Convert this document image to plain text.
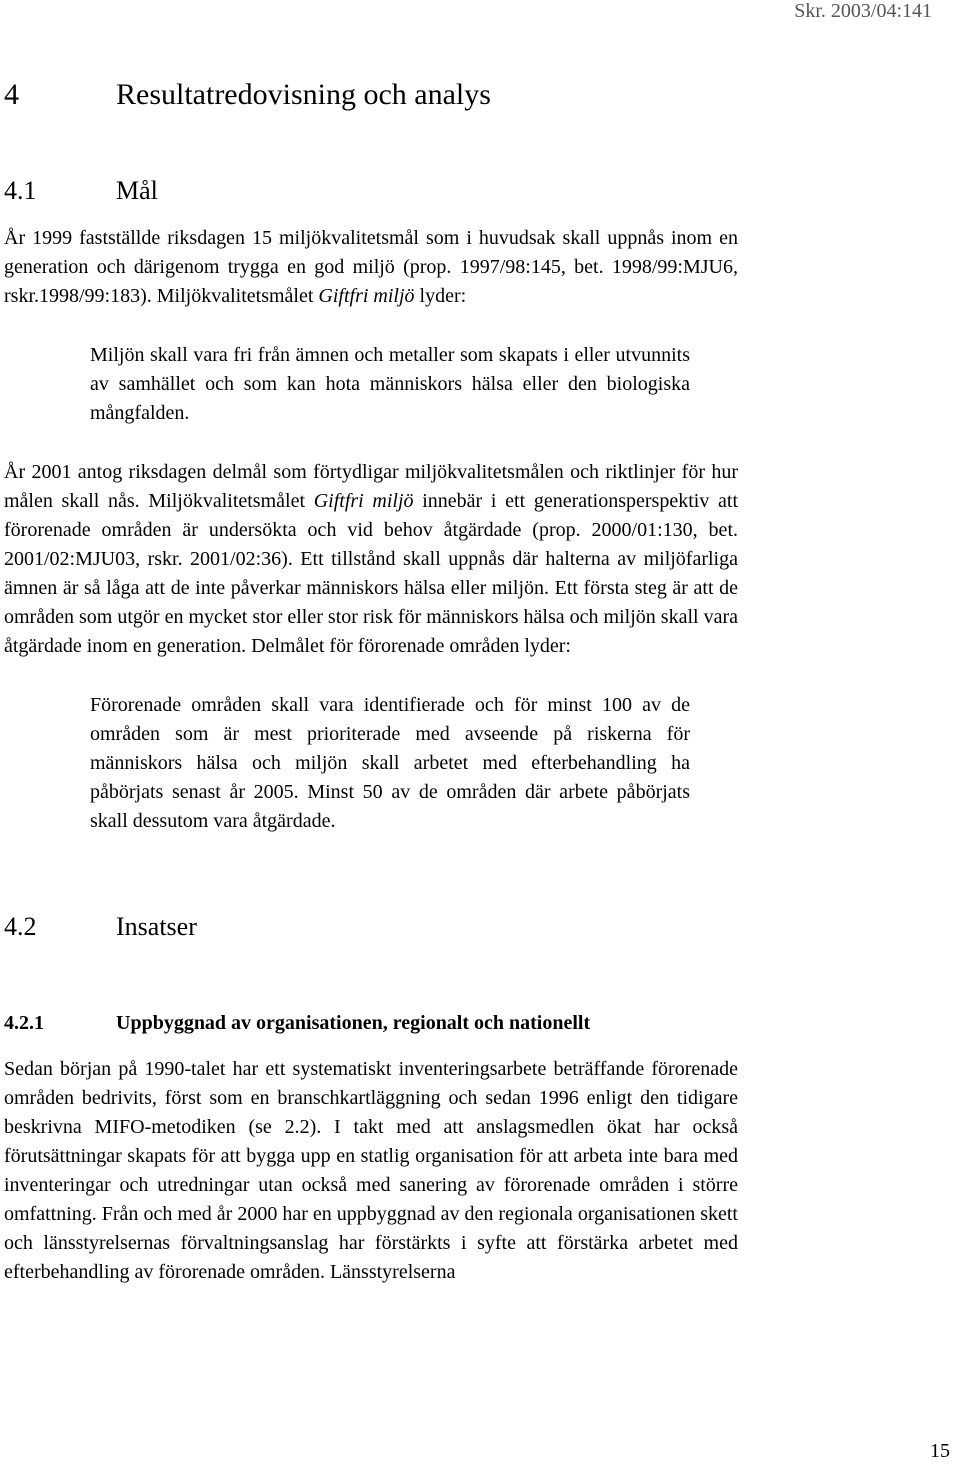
Skr. 2003/04:141
4	Resultatredovisning och analys
4.1	Mål

År 1999 fastställde riksdagen 15 miljökvalitetsmål som i huvudsak skall uppnås inom en generation och därigenom trygga en god miljö (prop. 1997/98:145, bet. 1998/99:MJU6, rskr.1998/99:183). Miljökvalitetsmålet Giftfri miljö lyder:

Miljön skall vara fri från ämnen och metaller som skapats i eller utvunnits av samhället och som kan hota människors hälsa eller den biologiska mångfalden.

År 2001 antog riksdagen delmål som förtydligar miljökvalitetsmålen och riktlinjer för hur målen skall nås. Miljökvalitetsmålet Giftfri miljö innebär i ett generationsperspektiv att förorenade områden är undersökta och vid behov åtgärdade (prop. 2000/01:130, bet. 2001/02:MJU03, rskr. 2001/02:36). Ett tillstånd skall uppnås där halterna av miljöfarliga ämnen är så låga att de inte påverkar människors hälsa eller miljön. Ett första steg är att de områden som utgör en mycket stor eller stor risk för människors hälsa och miljön skall vara åtgärdade inom en generation. Delmålet för förorenade områden lyder:

Förorenade områden skall vara identifierade och för minst 100 av de områden som är mest prioriterade med avseende på riskerna för människors hälsa och miljön skall arbetet med efterbehandling ha påbörjats senast år 2005. Minst 50 av de områden där arbete påbörjats skall dessutom vara åtgärdade.

4.2	Insatser
4.2.1	Uppbyggnad av organisationen, regionalt och nationellt

Sedan början på 1990-talet har ett systematiskt inventeringsarbete beträffande förorenade områden bedrivits, först som en branschkartläggning och sedan 1996 enligt den tidigare beskrivna MIFO-metodiken (se 2.2). I takt med att anslagsmedlen ökat har också förutsättningar skapats för att bygga upp en statlig organisation för att arbeta inte bara med inventeringar och utredningar utan också med sanering av förorenade områden i större omfattning. Från och med år 2000 har en uppbyggnad av den regionala organisationen skett och länsstyrelsernas förvaltningsanslag har förstärkts i syfte att förstärka arbetet med efterbehandling av förorenade områden. Länsstyrelserna

15
